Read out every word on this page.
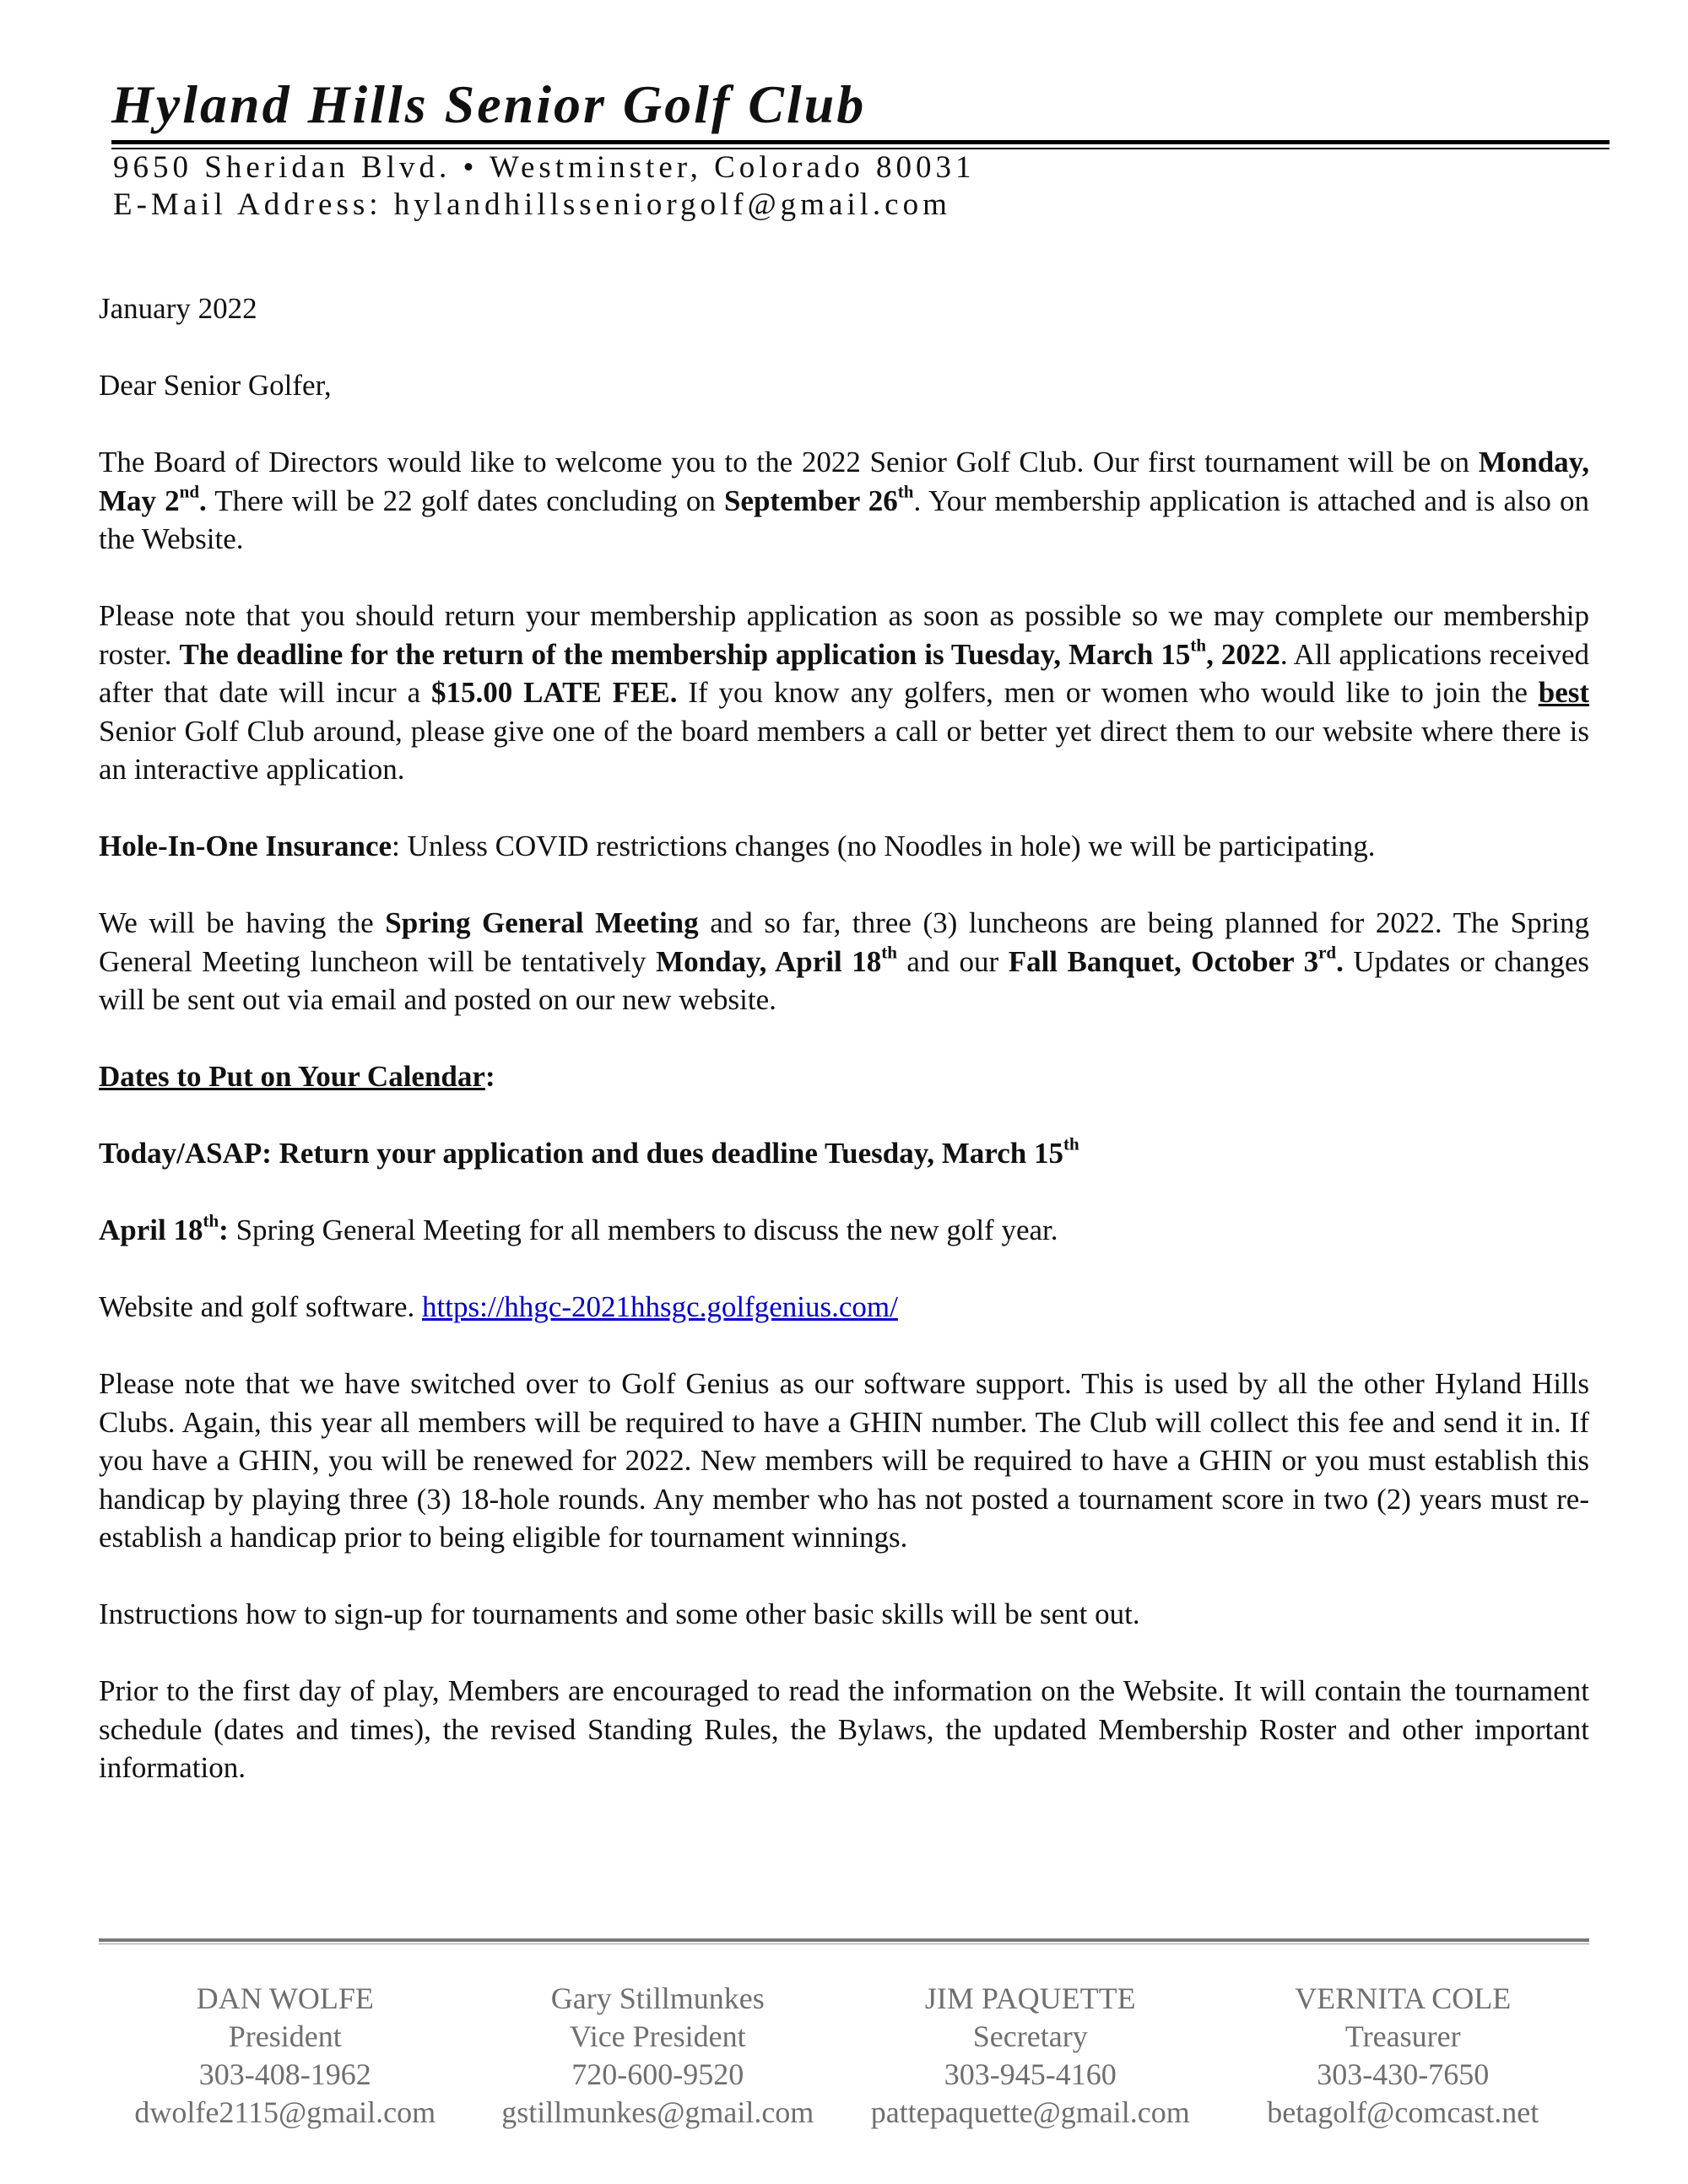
Hyland Hills Senior Golf Club
9650 Sheridan Blvd. • Westminster, Colorado 80031
E-Mail Address: hylandhillsseniorgolf@gmail.com

January 2022

Dear Senior Golfer,

The Board of Directors would like to welcome you to the 2022 Senior Golf Club. Our first tournament will be on Monday, May 2nd. There will be 22 golf dates concluding on September 26th. Your membership application is attached and is also on the Website.

Please note that you should return your membership application as soon as possible so we may complete our membership roster. The deadline for the return of the membership application is Tuesday, March 15th, 2022. All applications received after that date will incur a $15.00 LATE FEE. If you know any golfers, men or women who would like to join the best Senior Golf Club around, please give one of the board members a call or better yet direct them to our website where there is an interactive application.

Hole-In-One Insurance: Unless COVID restrictions changes (no Noodles in hole) we will be participating.

We will be having the Spring General Meeting and so far, three (3) luncheons are being planned for 2022. The Spring General Meeting luncheon will be tentatively Monday, April 18th and our Fall Banquet, October 3rd. Updates or changes will be sent out via email and posted on our new website.

Dates to Put on Your Calendar:

Today/ASAP: Return your application and dues deadline Tuesday, March 15th

April 18th: Spring General Meeting for all members to discuss the new golf year.

Website and golf software. https://hhgc-2021hhsgc.golfgenius.com/

Please note that we have switched over to Golf Genius as our software support. This is used by all the other Hyland Hills Clubs. Again, this year all members will be required to have a GHIN number. The Club will collect this fee and send it in. If you have a GHIN, you will be renewed for 2022. New members will be required to have a GHIN or you must establish this handicap by playing three (3) 18-hole rounds. Any member who has not posted a tournament score in two (2) years must re-establish a handicap prior to being eligible for tournament winnings.

Instructions how to sign-up for tournaments and some other basic skills will be sent out.

Prior to the first day of play, Members are encouraged to read the information on the Website. It will contain the tournament schedule (dates and times), the revised Standing Rules, the Bylaws, the updated Membership Roster and other important information.

DAN WOLFE
President
303-408-1962
dwolfe2115@gmail.com
Gary Stillmunkes
Vice President
720-600-9520
gstillmunkes@gmail.com
JIM PAQUETTE
Secretary
303-945-4160
pattepaquette@gmail.com
VERNITA COLE
Treasurer
303-430-7650
betagolf@comcast.net
